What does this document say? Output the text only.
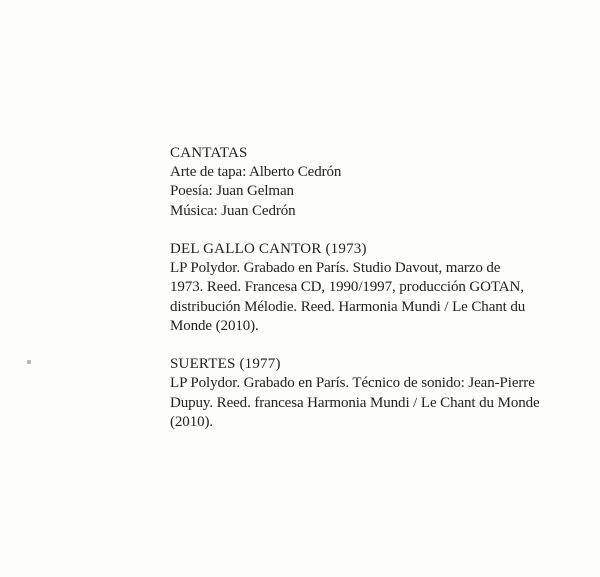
CANTATAS
Arte de tapa: Alberto Cedrón
Poesía: Juan Gelman
Música: Juan Cedrón
DEL GALLO CANTOR (1973)
LP Polydor. Grabado en París. Studio Davout, marzo de
1973. Reed. Francesa CD, 1990/1997, producción GOTAN,
distribución Mélodie. Reed. Harmonia Mundi / Le Chant du
Monde (2010).
SUERTES (1977)
LP Polydor. Grabado en París. Técnico de sonido: Jean-Pierre
Dupuy. Reed. francesa Harmonia Mundi / Le Chant du Monde
(2010).
